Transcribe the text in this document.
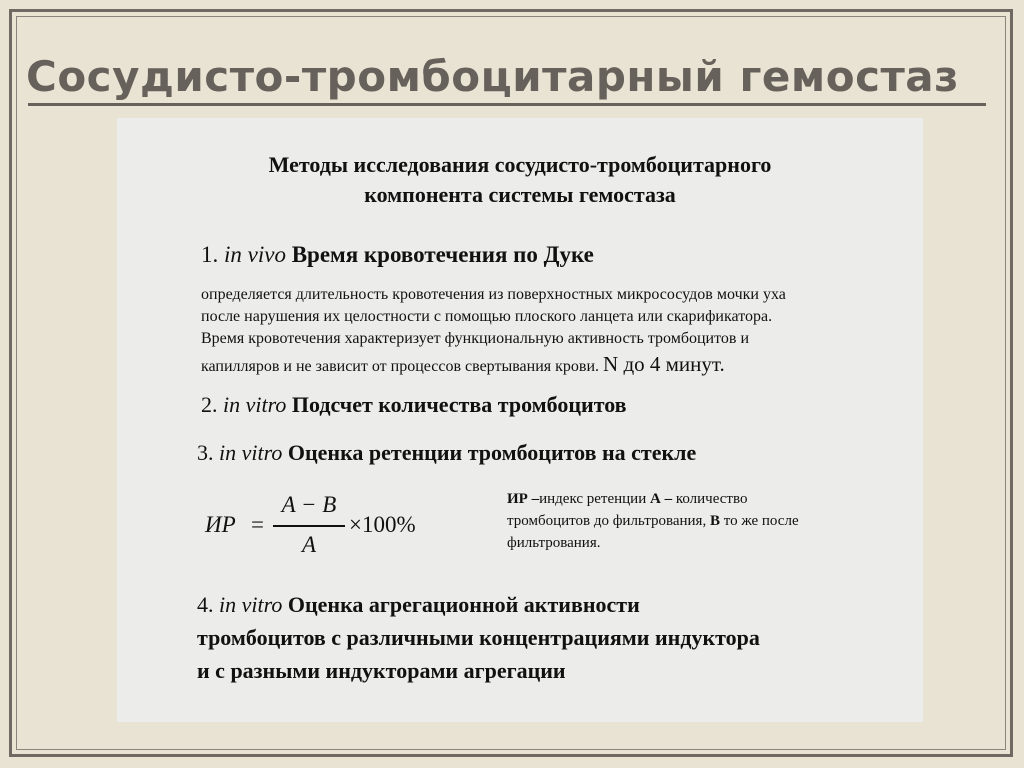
Сосудисто-тромбоцитарный гемостаз
Методы исследования сосудисто-тромбоцитарного
компонента системы гемостаза
1. in vivo Время кровотечения по Дуке
определяется длительность кровотечения из поверхностных микрососудов мочки уха
после нарушения их целостности с помощью плоского ланцета или скарификатора.
Время кровотечения характеризует функциональную активность тромбоцитов и
капилляров и не зависит от процессов свертывания крови. N до 4 минут.
2. in vitro Подсчет количества тромбоцитов
3. in vitro Оценка ретенции тромбоцитов на стекле
ИР =
A − B
A
×100%
ИР –индекс ретенции А – количество тромбоцитов до фильтрования, В то же после фильтрования.
4. in vitro Оценка агрегационной активности
тромбоцитов с различными концентрациями индуктора
и с разными индукторами агрегации
